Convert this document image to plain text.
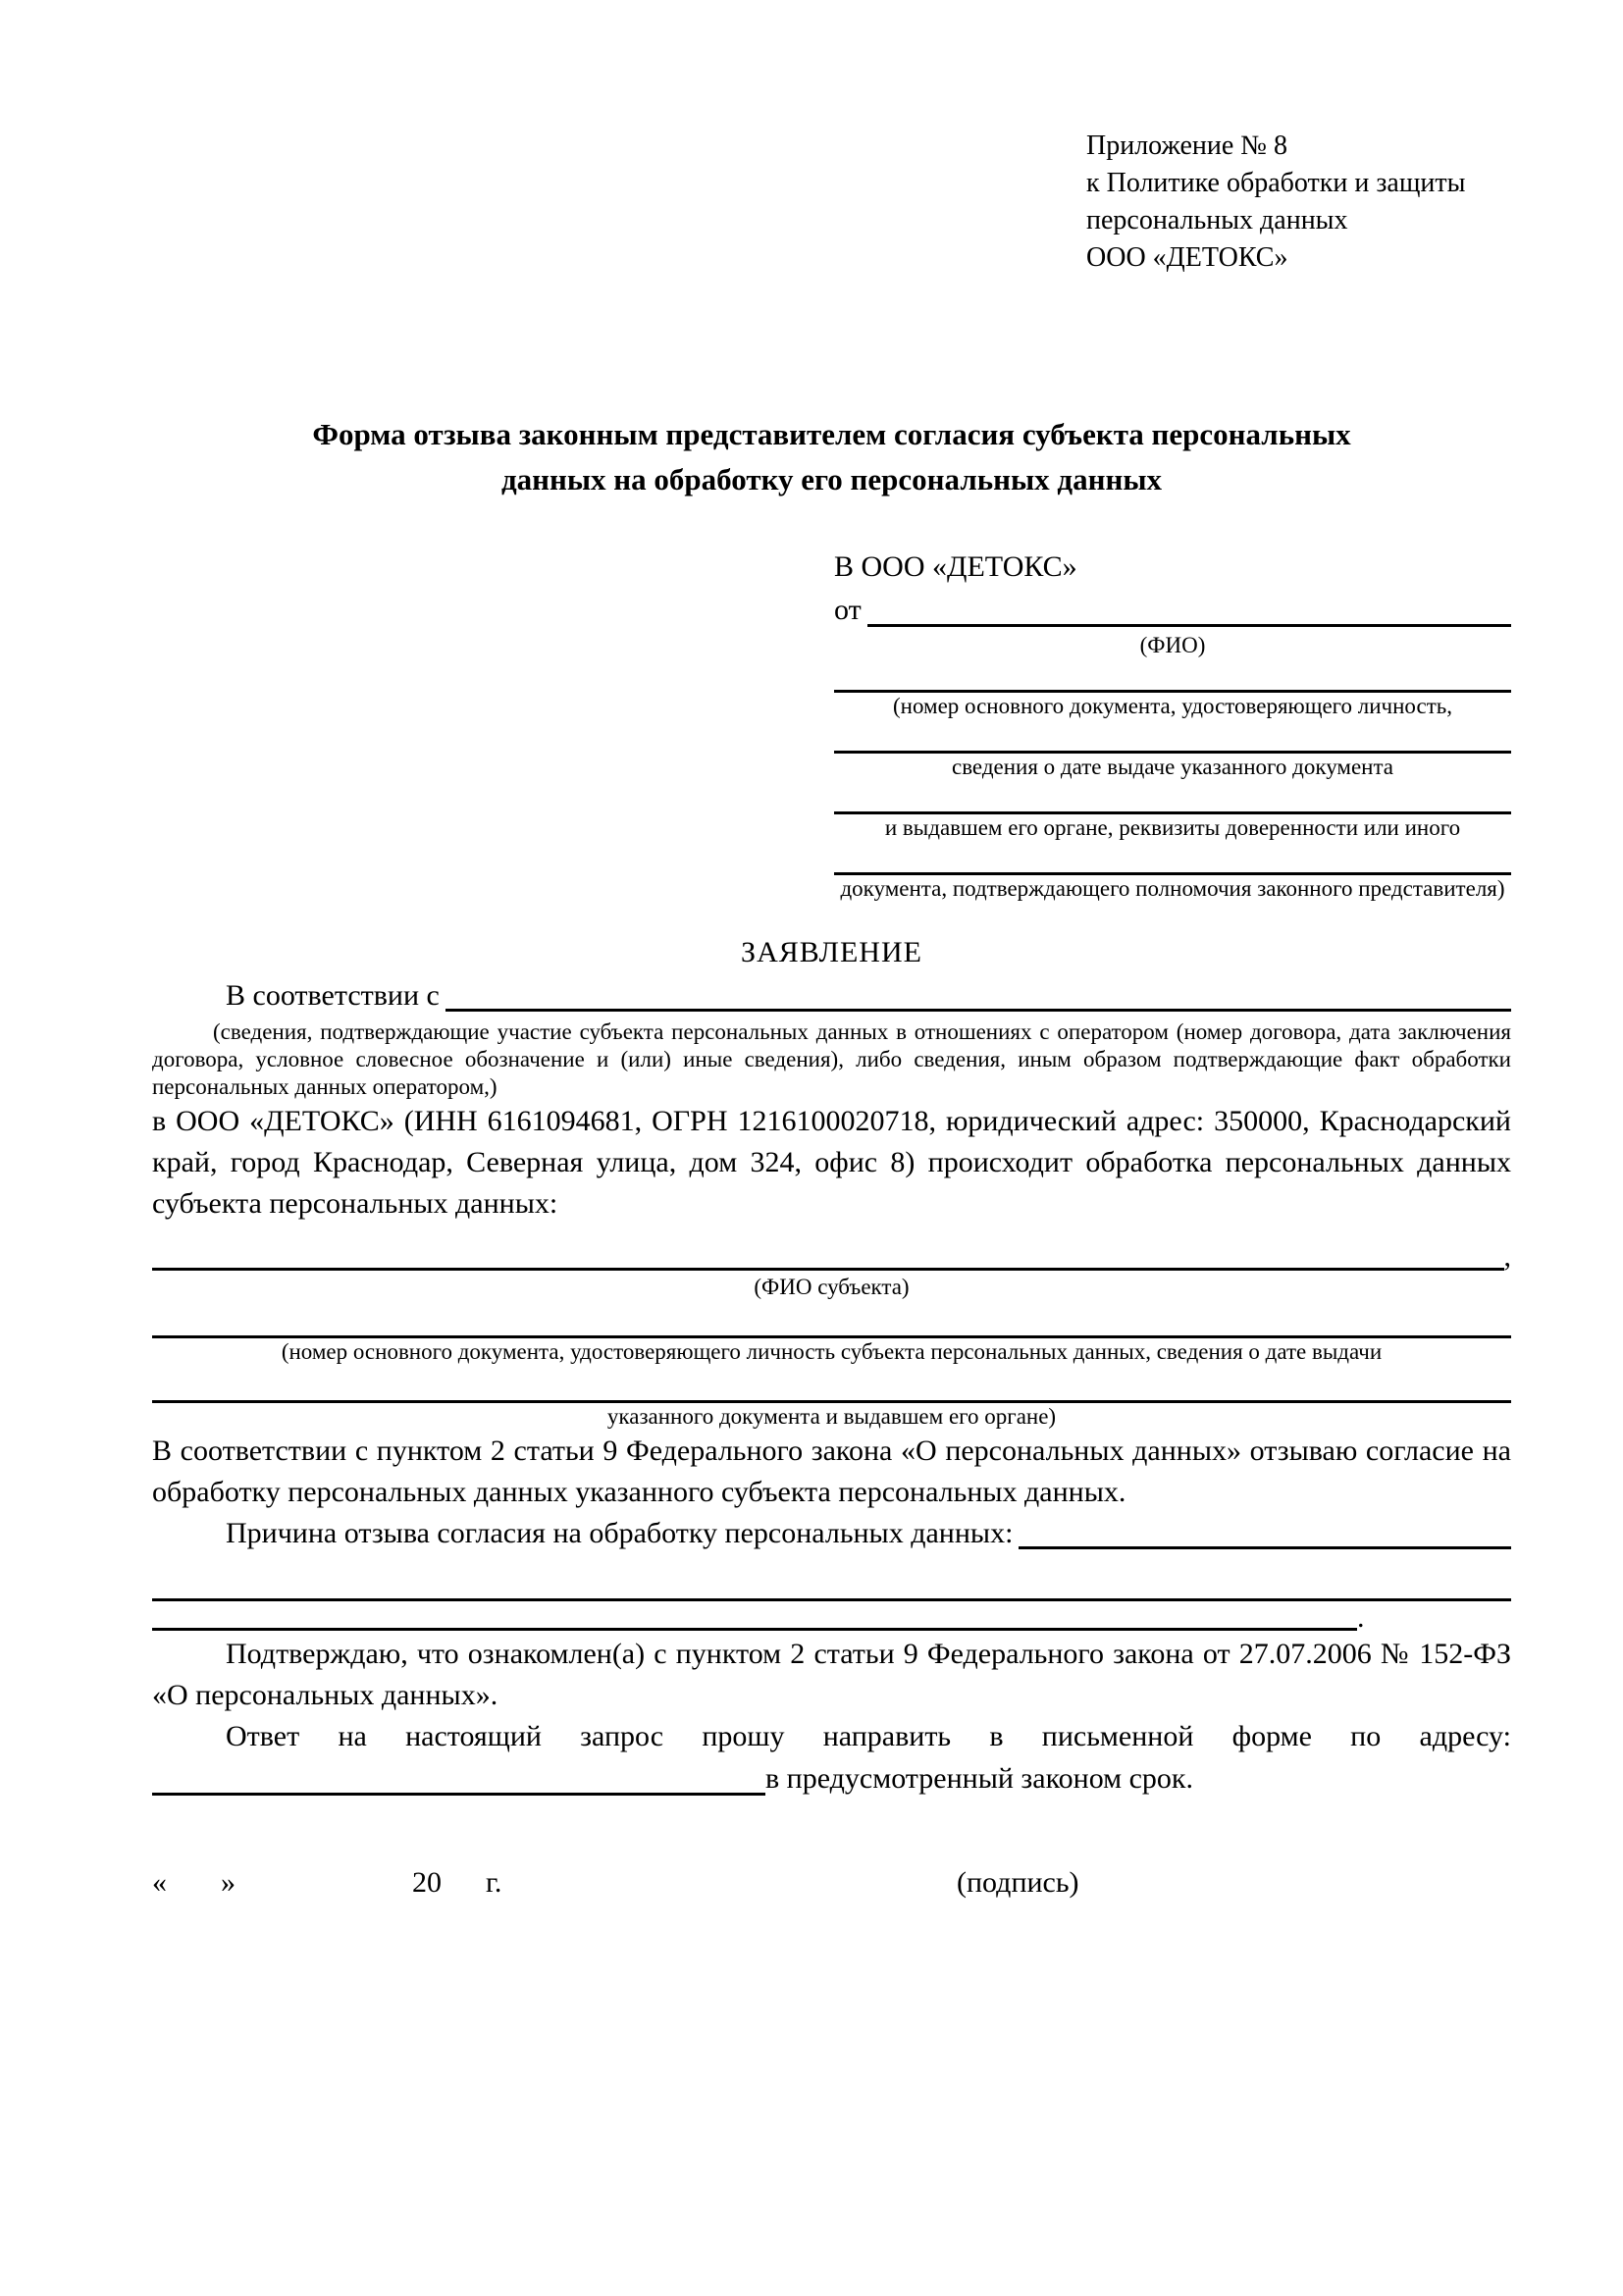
Приложение № 8
к Политике обработки и защиты
персональных данных
ООО «ДЕТОКС»
Форма отзыва законным представителем согласия субъекта персональных данных на обработку его персональных данных
В ООО «ДЕТОКС»
от
(ФИО)
(номер основного документа, удостоверяющего личность,
сведения о дате выдаче указанного документа
и выдавшем его органе, реквизиты доверенности или иного
документа, подтверждающего полномочия законного представителя)
ЗАЯВЛЕНИЕ
В соответствии с
(сведения, подтверждающие участие субъекта персональных данных в отношениях с оператором (номер договора, дата заключения договора, условное словесное обозначение и (или) иные сведения), либо сведения, иным образом подтверждающие факт обработки персональных данных оператором,)
в ООО «ДЕТОКС» (ИНН 6161094681, ОГРН 1216100020718, юридический адрес: 350000, Краснодарский край, город Краснодар, Северная улица, дом 324, офис 8) происходит обработка персональных данных субъекта персональных данных:
,
(ФИО субъекта)
(номер основного документа, удостоверяющего личность субъекта персональных данных, сведения о дате выдачи
указанного документа и выдавшем его органе)
В соответствии с пунктом 2 статьи 9 Федерального закона «О персональных данных» отзываю согласие на обработку персональных данных указанного субъекта персональных данных.
Причина отзыва согласия на обработку персональных данных:
.
Подтверждаю, что ознакомлен(а) с пунктом 2 статьи 9 Федерального закона от 27.07.2006 № 152-ФЗ «О персональных данных».
Ответ на настоящий запрос прошу направить в письменной форме по адресу:
в предусмотренный законом срок.
« »	20 г.	(подпись)
